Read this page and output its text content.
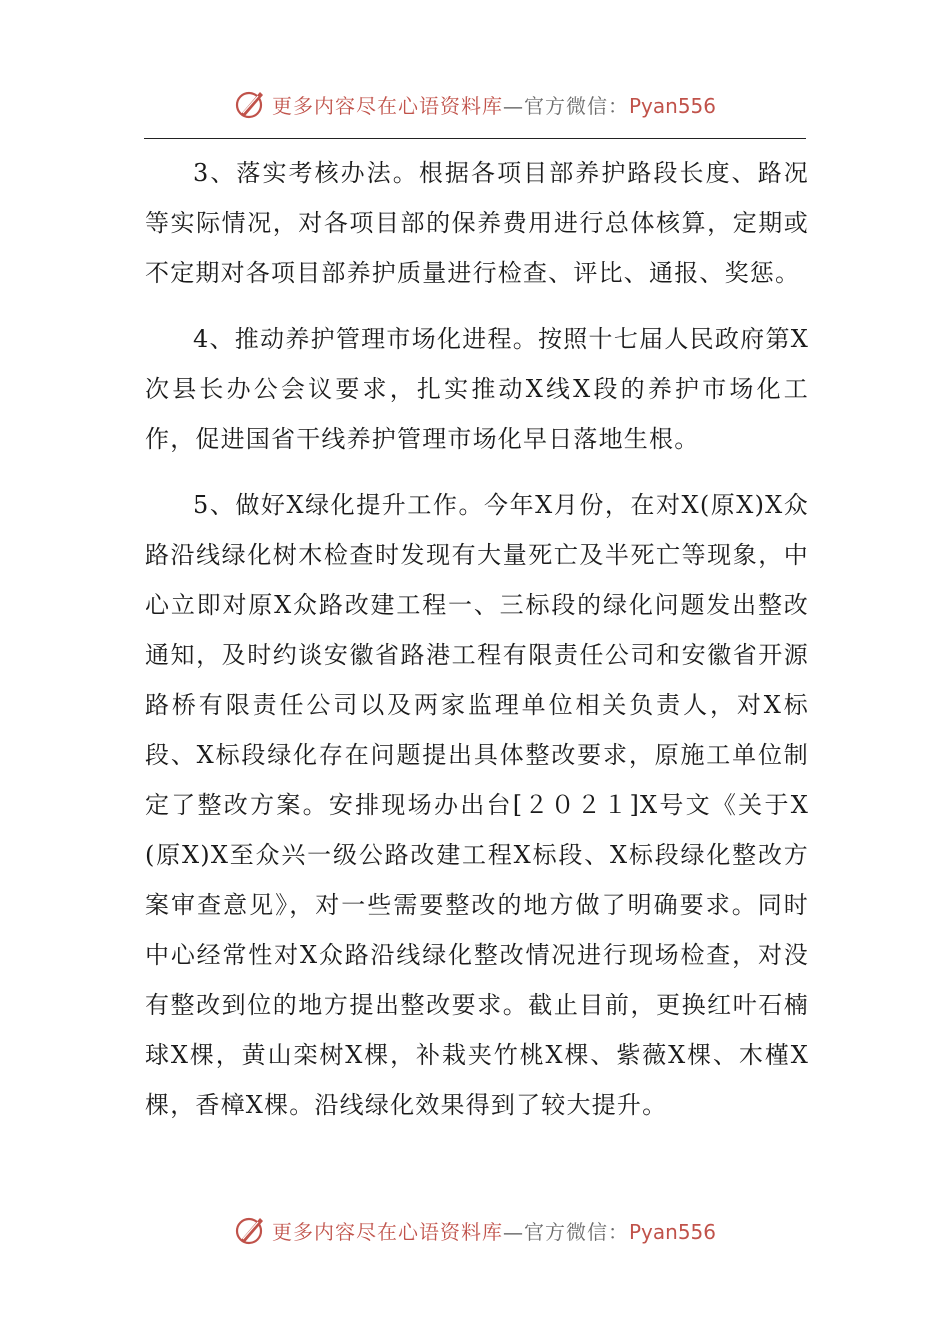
更多内容尽在心语资料库—官方微信：Pyan556

3、落实考核办法。根据各项目部养护路段长度、路况等实际情况，对各项目部的保养费用进行总体核算，定期或不定期对各项目部养护质量进行检查、评比、通报、奖惩。

4、推动养护管理市场化进程。按照十七届人民政府第X次县长办公会议要求，扎实推动X线X段的养护市场化工作，促进国省干线养护管理市场化早日落地生根。

5、做好X绿化提升工作。今年X月份，在对X(原X)X众路沿线绿化树木检查时发现有大量死亡及半死亡等现象，中心立即对原X众路改建工程一、三标段的绿化问题发出整改通知，及时约谈安徽省路港工程有限责任公司和安徽省开源路桥有限责任公司以及两家监理单位相关负责人，对X标段、X标段绿化存在问题提出具体整改要求，原施工单位制定了整改方案。安排现场办出台[２０２１]X号文《关于X(原X)X至众兴一级公路改建工程X标段、X标段绿化整改方案审查意见》，对一些需要整改的地方做了明确要求。同时中心经常性对X众路沿线绿化整改情况进行现场检查，对没有整改到位的地方提出整改要求。截止目前，更换红叶石楠球X棵，黄山栾树X棵，补栽夹竹桃X棵、紫薇X棵、木槿X棵，香樟X棵。沿线绿化效果得到了较大提升。

更多内容尽在心语资料库—官方微信：Pyan556
